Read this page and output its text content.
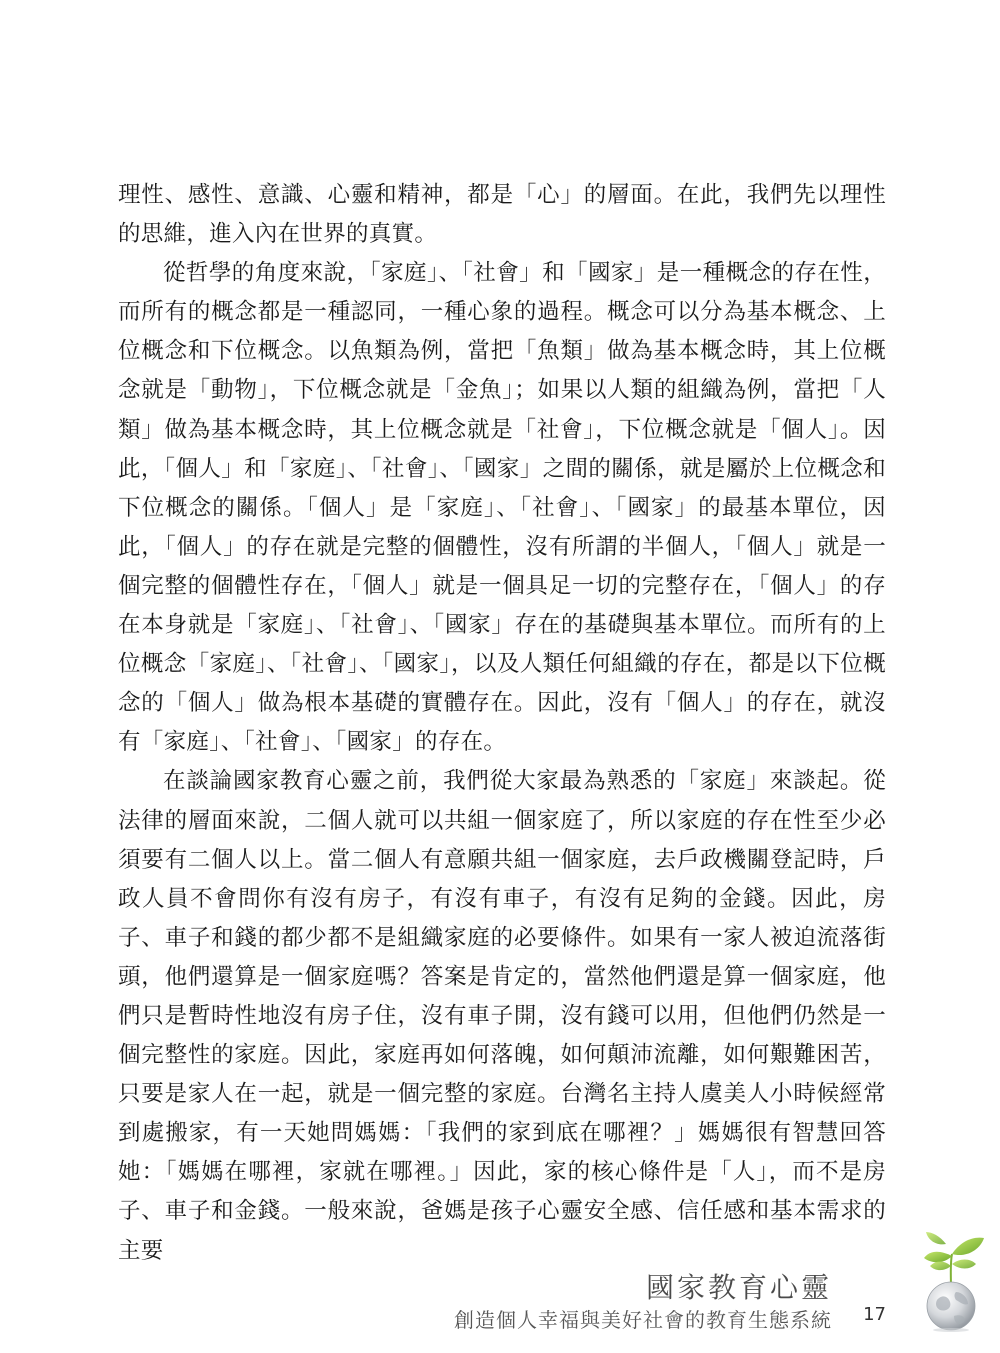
理性、感性、意識、心靈和精神，都是「心」的層面。在此，我們先以理性的思維，進入內在世界的真實。

從哲學的角度來說，「家庭」、「社會」和「國家」是一種概念的存在性，而所有的概念都是一種認同，一種心象的過程。概念可以分為基本概念、上位概念和下位概念。以魚類為例，當把「魚類」做為基本概念時，其上位概念就是「動物」，下位概念就是「金魚」；如果以人類的組織為例，當把「人類」做為基本概念時，其上位概念就是「社會」，下位概念就是「個人」。因此，「個人」和「家庭」、「社會」、「國家」之間的關係，就是屬於上位概念和下位概念的關係。「個人」是「家庭」、「社會」、「國家」的最基本單位，因此，「個人」的存在就是完整的個體性，沒有所謂的半個人，「個人」就是一個完整的個體性存在，「個人」就是一個具足一切的完整存在，「個人」的存在本身就是「家庭」、「社會」、「國家」存在的基礎與基本單位。而所有的上位概念「家庭」、「社會」、「國家」，以及人類任何組織的存在，都是以下位概念的「個人」做為根本基礎的實體存在。因此，沒有「個人」的存在，就沒有「家庭」、「社會」、「國家」的存在。

在談論國家教育心靈之前，我們從大家最為熟悉的「家庭」來談起。從法律的層面來說，二個人就可以共組一個家庭了，所以家庭的存在性至少必須要有二個人以上。當二個人有意願共組一個家庭，去戶政機關登記時，戶政人員不會問你有沒有房子，有沒有車子，有沒有足夠的金錢。因此，房子、車子和錢的都少都不是組織家庭的必要條件。如果有一家人被迫流落街頭，他們還算是一個家庭嗎？答案是肯定的，當然他們還是算一個家庭，他們只是暫時性地沒有房子住，沒有車子開，沒有錢可以用，但他們仍然是一個完整性的家庭。因此，家庭再如何落魄，如何顛沛流離，如何艱難困苦，只要是家人在一起，就是一個完整的家庭。台灣名主持人虞美人小時候經常到處搬家，有一天她問媽媽：「我們的家到底在哪裡？」媽媽很有智慧回答她：「媽媽在哪裡，家就在哪裡。」因此，家的核心條件是「人」，而不是房子、車子和金錢。一般來說，爸媽是孩子心靈安全感、信任感和基本需求的主要

國家教育心靈
創造個人幸福與美好社會的教育生態系統 17
